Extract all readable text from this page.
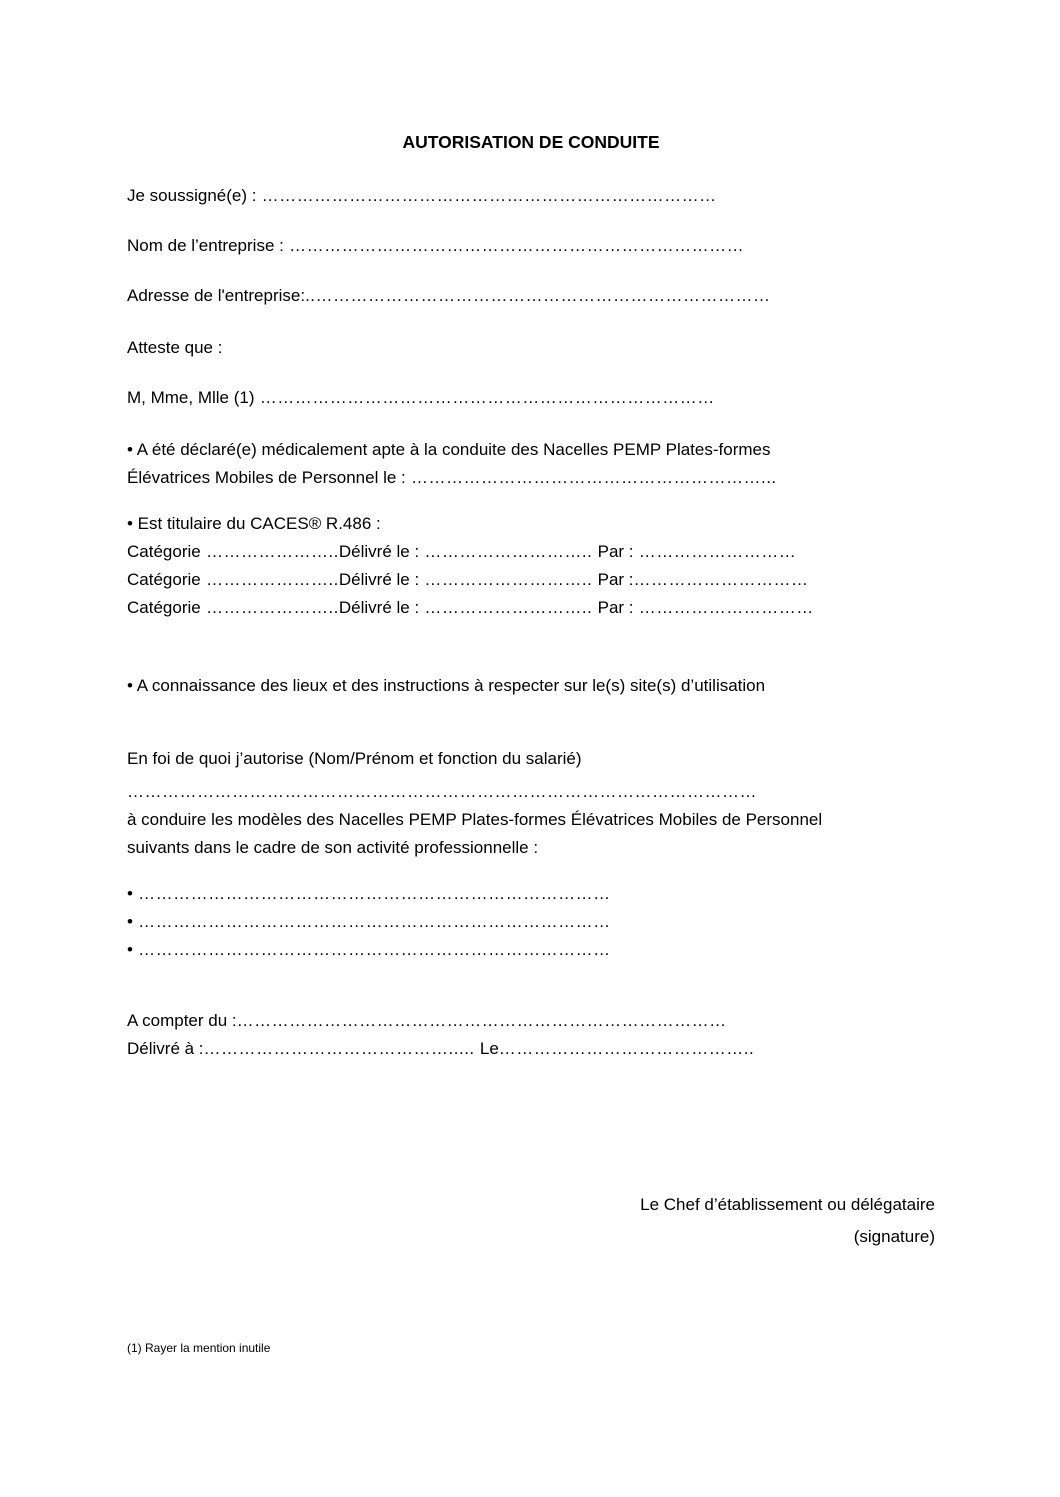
AUTORISATION DE CONDUITE
Je soussigné(e) : ……………………………………………………………………
Nom de l’entreprise : ……………………………………………………………………
Adresse de l'entreprise:..……………………………………………………………………
Atteste que :
M, Mme, Mlle (1) ……………………………………………………………………
• A été déclaré(e) médicalement apte à la conduite des Nacelles PEMP Plates-formes
Élévatrices Mobiles de Personnel le : ……………………………………………………...
• Est titulaire du CACES® R.486 :
Catégorie …………………..Délivré le : ……………………….. Par : ………………………
Catégorie …………………..Délivré le : ……………………….. Par :…………………………
Catégorie …………………..Délivré le : ……………………….. Par : …………………………
• A connaissance des lieux et des instructions à respecter sur le(s) site(s) d’utilisation
En foi de quoi j’autorise (Nom/Prénom et fonction du salarié)
………………………………………………………………………………………………
à conduire les modèles des Nacelles PEMP Plates-formes Élévatrices Mobiles de Personnel
suivants dans le cadre de son activité professionnelle :
• ………………………………………………………………………
• ………………………………………………………………………
• ………………………………………………………………………
A compter du :…………………………………………………………………………
Délivré à :……………………………………..... Le……………………………………..
Le Chef d’établissement ou délégataire
(signature)
(1) Rayer la mention inutile
